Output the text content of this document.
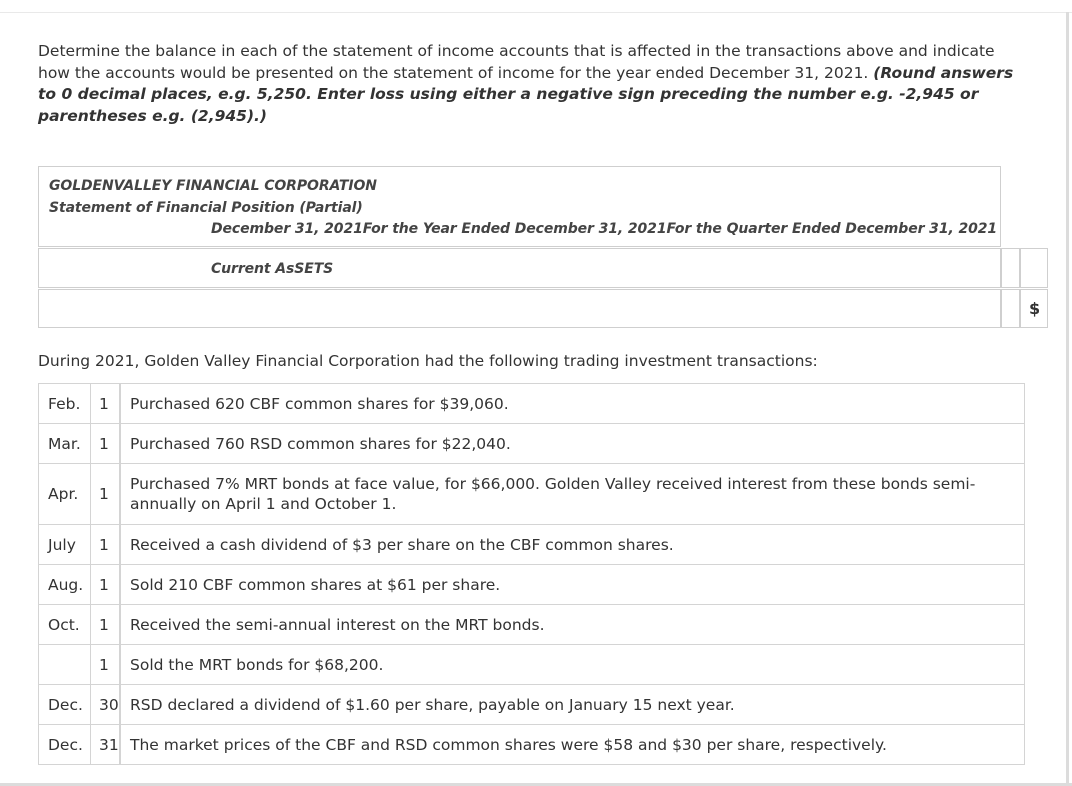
Determine the balance in each of the statement of income accounts that is affected in the transactions above and indicate how the accounts would be presented on the statement of income for the year ended December 31, 2021. (Round answers to 0 decimal places, e.g. 5,250. Enter loss using either a negative sign preceding the number e.g. -2,945 or parentheses e.g. (2,945).)
GOLDENVALLEY FINANCIAL CORPORATION
Statement of Financial Position (Partial)
December 31, 2021For the Year Ended December 31, 2021For the Quarter Ended December 31, 2021
Current AsSETS
$
During 2021, Golden Valley Financial Corporation had the following trading investment transactions:
Feb.	1		Purchased 620 CBF common shares for $39,060.
Mar.	1		Purchased 760 RSD common shares for $22,040.
Apr.	1		Purchased 7% MRT bonds at face value, for $66,000. Golden Valley received interest from these bonds semi-annually on April 1 and October 1.
July	1		Received a cash dividend of $3 per share on the CBF common shares.
Aug.	1		Sold 210 CBF common shares at $61 per share.
Oct.	1		Received the semi-annual interest on the MRT bonds.
	1		Sold the MRT bonds for $68,200.
Dec.	30		RSD declared a dividend of $1.60 per share, payable on January 15 next year.
Dec.	31		The market prices of the CBF and RSD common shares were $58 and $30 per share, respectively.
